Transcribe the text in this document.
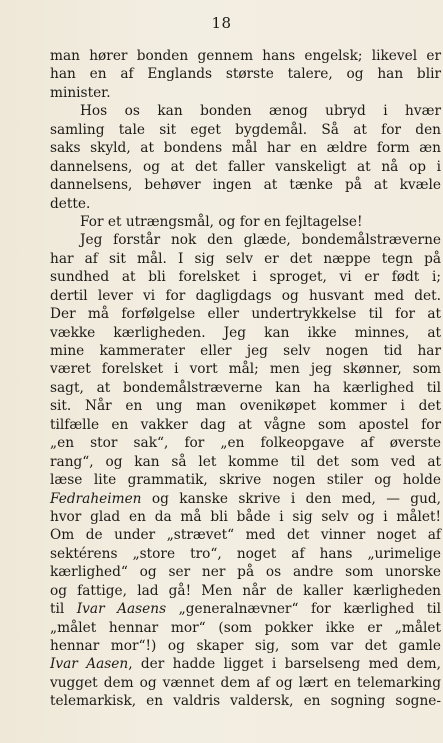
18
man hører bonden gennem hans engelsk; likevel er
han en af Englands største talere, og han blir
minister.
Hos os kan bonden ænog ubryd i hvær
samling tale sit eget bygdemål. Så at for den
saks skyld, at bondens mål har en ældre form æn
dannelsens, og at det faller vanskeligt at nå op i
dannelsens, behøver ingen at tænke på at kvæle
dette.
For et utrængsmål, og for en fejltagelse!
Jeg forstår nok den glæde, bondemålstræverne
har af sit mål. I sig selv er det næppe tegn på
sundhed at bli forelsket i sproget, vi er født i;
dertil lever vi for dagligdags og husvant med det.
Der må forfølgelse eller undertrykkelse til for at
vække kærligheden. Jeg kan ikke minnes, at
mine kammerater eller jeg selv nogen tid har
været forelsket i vort mål; men jeg skønner, som
sagt, at bondemålstræverne kan ha kærlighed til
sit. Når en ung man ovenikøpet kommer i det
tilfælle en vakker dag at vågne som apostel for
„en stor sak“, for „en folkeopgave af øverste
rang“, og kan så let komme til det som ved at
læse lite grammatik, skrive nogen stiler og holde
Fedraheimen og kanske skrive i den med, — gud,
hvor glad en da må bli både i sig selv og i målet!
Om de under „strævet“ med det vinner noget af
sektérens „store tro“, noget af hans „urimelige
kærlighed“ og ser ner på os andre som unorske
og fattige, lad gå! Men når de kaller kærligheden
til Ivar Aasens „generalnævner“ for kærlighed til
„målet hennar mor“ (som pokker ikke er „målet
hennar mor“!) og skaper sig, som var det gamle
Ivar Aasen, der hadde ligget i barselseng med dem,
vugget dem og vænnet dem af og lært en telemarking
telemarkisk, en valdris valdersk, en sogning sogne-
